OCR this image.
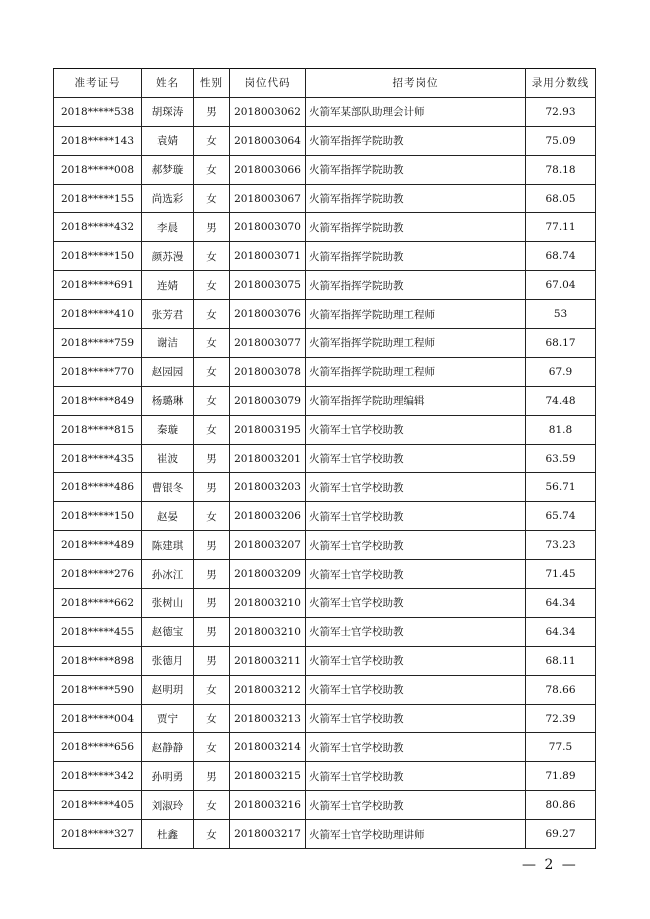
准考证号	姓名	性别	岗位代码	招考岗位	录用分数线
2018*****538	胡琛涛	男	2018003062	火箭军某部队助理会计师	72.93
2018*****143	袁婧	女	2018003064	火箭军指挥学院助教	75.09
2018*****008	郝梦璇	女	2018003066	火箭军指挥学院助教	78.18
2018*****155	尚选彩	女	2018003067	火箭军指挥学院助教	68.05
2018*****432	李晨	男	2018003070	火箭军指挥学院助教	77.11
2018*****150	颜苏漫	女	2018003071	火箭军指挥学院助教	68.74
2018*****691	连婧	女	2018003075	火箭军指挥学院助教	67.04
2018*****410	张芳君	女	2018003076	火箭军指挥学院助理工程师	53
2018*****759	谢洁	女	2018003077	火箭军指挥学院助理工程师	68.17
2018*****770	赵园园	女	2018003078	火箭军指挥学院助理工程师	67.9
2018*****849	杨璐琳	女	2018003079	火箭军指挥学院助理编辑	74.48
2018*****815	秦璇	女	2018003195	火箭军士官学校助教	81.8
2018*****435	崔波	男	2018003201	火箭军士官学校助教	63.59
2018*****486	曹银冬	男	2018003203	火箭军士官学校助教	56.71
2018*****150	赵晏	女	2018003206	火箭军士官学校助教	65.74
2018*****489	陈建琪	男	2018003207	火箭军士官学校助教	73.23
2018*****276	孙冰江	男	2018003209	火箭军士官学校助教	71.45
2018*****662	张树山	男	2018003210	火箭军士官学校助教	64.34
2018*****455	赵德宝	男	2018003210	火箭军士官学校助教	64.34
2018*****898	张德月	男	2018003211	火箭军士官学校助教	68.11
2018*****590	赵明玥	女	2018003212	火箭军士官学校助教	78.66
2018*****004	贾宁	女	2018003213	火箭军士官学校助教	72.39
2018*****656	赵静静	女	2018003214	火箭军士官学校助教	77.5
2018*****342	孙明勇	男	2018003215	火箭军士官学校助教	71.89
2018*****405	刘淑玲	女	2018003216	火箭军士官学校助教	80.86
2018*****327	杜鑫	女	2018003217	火箭军士官学校助理讲师	69.27
— 2 —
